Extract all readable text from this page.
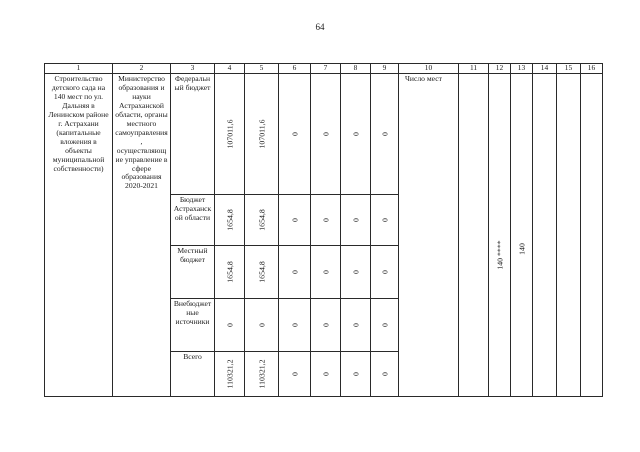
64
1	2	3	4	5	6	7	8	9	10	11	12	13	14	15	16

Строительство детского сада на 140 мест по ул. Дальняя в Ленинском районе г. Астрахани (капитальные вложения в объекты муниципальной собственности)	Министерство образования и науки Астраханской области, органы местного самоуправления, осуществляющие управление в сфере образования 2020-2021	Федеральный бюджет	107011,6	107011,6	0	0	0	0	Число мест		140 ****	140			

		Бюджет Астраханской области	1654,8	1654,8	0	0	0	0							

		Местный бюджет	1654,8	1654,8	0	0	0	0							

		Внебюджетные источники	0	0	0	0	0	0							

		Всего	110321,2	110321,2	0	0	0	0							
